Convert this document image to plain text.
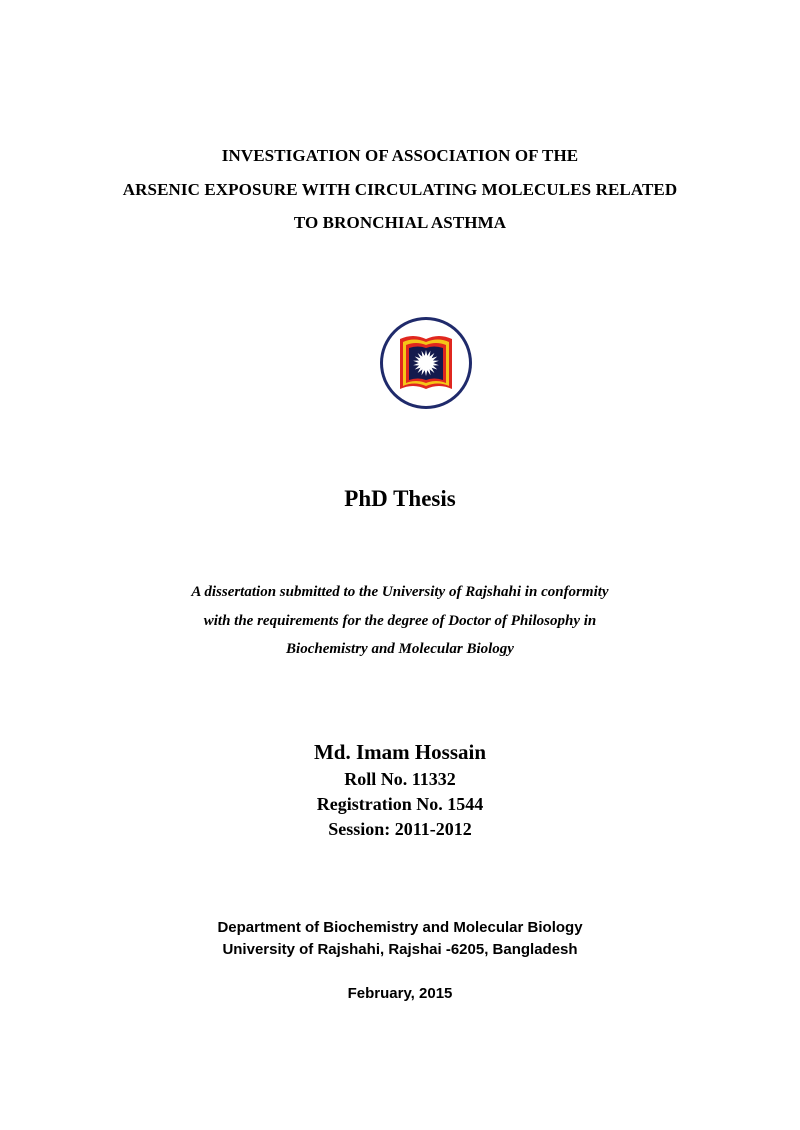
INVESTIGATION OF ASSOCIATION OF THE
ARSENIC EXPOSURE WITH CIRCULATING MOLECULES RELATED
TO BRONCHIAL ASTHMA
PhD Thesis
A dissertation submitted to the University of Rajshahi in conformity
with the requirements for the degree of Doctor of Philosophy in
Biochemistry and Molecular Biology
Md. Imam Hossain
Roll No. 11332
Registration No. 1544
Session: 2011-2012
Department of Biochemistry and Molecular Biology
University of Rajshahi, Rajshai -6205, Bangladesh
February, 2015
